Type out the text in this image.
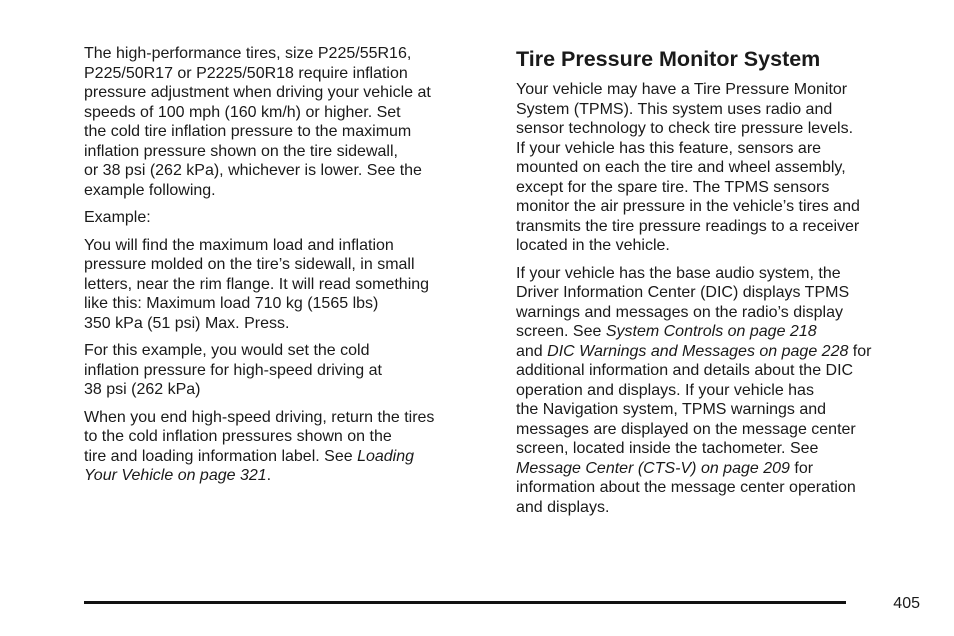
The high-performance tires, size P225/55R16,
P225/50R17 or P2225/50R18 require inflation
pressure adjustment when driving your vehicle at
speeds of 100 mph (160 km/h) or higher. Set
the cold tire inflation pressure to the maximum
inflation pressure shown on the tire sidewall,
or 38 psi (262 kPa), whichever is lower. See the
example following.
Example:
You will find the maximum load and inflation
pressure molded on the tire’s sidewall, in small
letters, near the rim flange. It will read something
like this: Maximum load 710 kg (1565 lbs)
350 kPa (51 psi) Max. Press.
For this example, you would set the cold
inflation pressure for high-speed driving at
38 psi (262 kPa)
When you end high-speed driving, return the tires
to the cold inflation pressures shown on the
tire and loading information label. See Loading
Your Vehicle on page 321.
Tire Pressure Monitor System
Your vehicle may have a Tire Pressure Monitor
System (TPMS). This system uses radio and
sensor technology to check tire pressure levels.
If your vehicle has this feature, sensors are
mounted on each the tire and wheel assembly,
except for the spare tire. The TPMS sensors
monitor the air pressure in the vehicle’s tires and
transmits the tire pressure readings to a receiver
located in the vehicle.
If your vehicle has the base audio system, the
Driver Information Center (DIC) displays TPMS
warnings and messages on the radio’s display
screen. See System Controls on page 218
and DIC Warnings and Messages on page 228 for
additional information and details about the DIC
operation and displays. If your vehicle has
the Navigation system, TPMS warnings and
messages are displayed on the message center
screen, located inside the tachometer. See
Message Center (CTS-V) on page 209 for
information about the message center operation
and displays.
405
